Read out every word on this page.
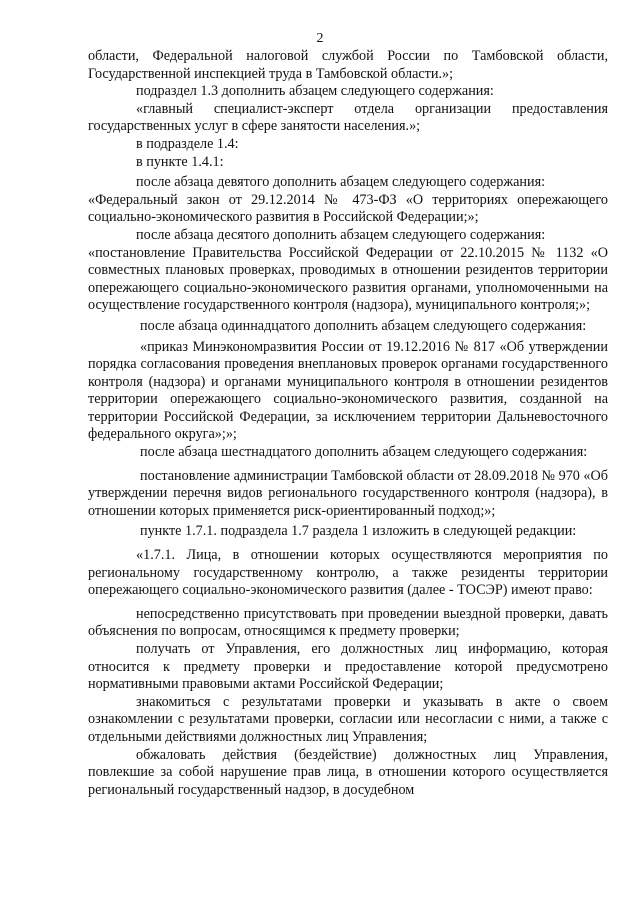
2

области, Федеральной налоговой службой России по Тамбовской области, Государственной инспекцией труда в Тамбовской области.»;

подраздел 1.3 дополнить абзацем следующего содержания:

«главный специалист-эксперт отдела организации предоставления государственных услуг в сфере занятости населения.»;

в подразделе 1.4:

в пункте 1.4.1:

после абзаца девятого дополнить абзацем следующего содержания:

«Федеральный закон от 29.12.2014 № 473-ФЗ «О территориях опережающего социально-экономического развития в Российской Федерации;»;

после абзаца десятого дополнить абзацем следующего содержания:

«постановление Правительства Российской Федерации от 22.10.2015 № 1132 «О совместных плановых проверках, проводимых в отношении резидентов территории опережающего социально-экономического развития органами, уполномоченными на осуществление государственного контроля (надзора), муниципального контроля;»;

после абзаца одиннадцатого дополнить абзацем следующего содержания:

«приказ Минэкономразвития России от 19.12.2016 № 817 «Об утверждении порядка согласования проведения внеплановых проверок органами государственного контроля (надзора) и органами муниципального контроля в отношении резидентов территории опережающего социально-экономического развития, созданной на территории Российской Федерации, за исключением территории Дальневосточного федерального округа»;»;

после абзаца шестнадцатого дополнить абзацем следующего содержания:

постановление администрации Тамбовской области от 28.09.2018 № 970 «Об утверждении перечня видов регионального государственного контроля (надзора), в отношении которых применяется риск-ориентированный подход;»;

пункте 1.7.1. подраздела 1.7 раздела 1 изложить в следующей редакции:

«1.7.1. Лица, в отношении которых осуществляются мероприятия по региональному государственному контролю, а также резиденты территории опережающего социально-экономического развития (далее - ТОСЭР) имеют право:

непосредственно присутствовать при проведении выездной проверки, давать объяснения по вопросам, относящимся к предмету проверки;

получать от Управления, его должностных лиц информацию, которая относится к предмету проверки и предоставление которой предусмотрено нормативными правовыми актами Российской Федерации;

знакомиться с результатами проверки и указывать в акте о своем ознакомлении с результатами проверки, согласии или несогласии с ними, а также с отдельными действиями должностных лиц Управления;

обжаловать действия (бездействие) должностных лиц Управления, повлекшие за собой нарушение прав лица, в отношении которого осуществляется региональный государственный надзор, в досудебном
